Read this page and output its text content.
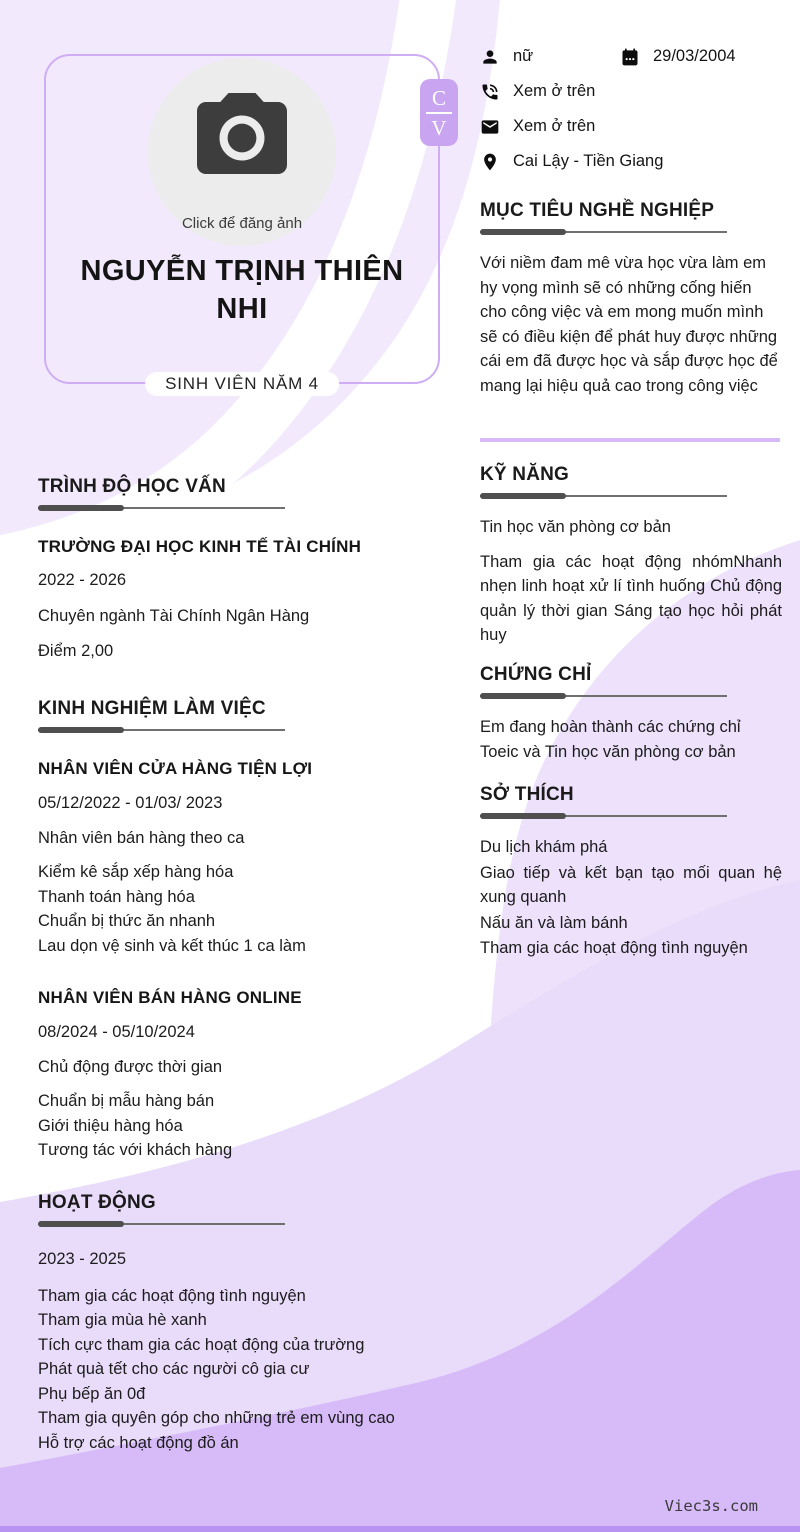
Click để đăng ảnh
NGUYỄN TRỊNH THIÊN NHI
SINH VIÊN NĂM 4
C
V
nữ	29/03/2004
Xem ở trên
Xem ở trên
Cai Lậy - Tiền Giang
MỤC TIÊU NGHỀ NGHIỆP

Với niềm đam mê vừa học vừa làm em hy vọng mình sẽ có những cống hiến cho công việc và em mong muốn mình sẽ có điều kiện để phát huy được những cái em đã được học và sắp được học để mang lại hiệu quả cao trong công việc

KỸ NĂNG

Tin học văn phòng cơ bản

Tham gia các hoạt động nhómNhanh nhẹn linh hoạt xử lí tình huống Chủ động quản lý thời gian Sáng tạo học hỏi phát huy

CHỨNG CHỈ

Em đang hoàn thành các chứng chỉ Toeic và Tin học văn phòng cơ bản

SỞ THÍCH

Du lịch khám phá

Giao tiếp và kết bạn tạo mối quan hệ xung quanh

Nấu ăn và làm bánh

Tham gia các hoạt động tình nguyện

TRÌNH ĐỘ HỌC VẤN
TRƯỜNG ĐẠI HỌC KINH TẾ TÀI CHÍNH

2022 - 2026

Chuyên ngành Tài Chính Ngân Hàng

Điểm 2,00

KINH NGHIỆM LÀM VIỆC
NHÂN VIÊN CỬA HÀNG TIỆN LỢI

05/12/2022 - 01/03/ 2023

Nhân viên bán hàng theo ca

Kiểm kê sắp xếp hàng hóa

Thanh toán hàng hóa

Chuẩn bị thức ăn nhanh

Lau dọn vệ sinh và kết thúc 1 ca làm

NHÂN VIÊN BÁN HÀNG ONLINE

08/2024 - 05/10/2024

Chủ động được thời gian

Chuẩn bị mẫu hàng bán

Giới thiệu hàng hóa

Tương tác với khách hàng

HOẠT ĐỘNG

2023 - 2025

Tham gia các hoạt động tình nguyện

Tham gia mùa hè xanh

Tích cực tham gia các hoạt động của trường

Phát quà tết cho các người cô gia cư

Phụ bếp ăn 0đ

Tham gia quyên góp cho những trẻ em vùng cao

Hỗ trợ các hoạt động đồ án

Viec3s.com
